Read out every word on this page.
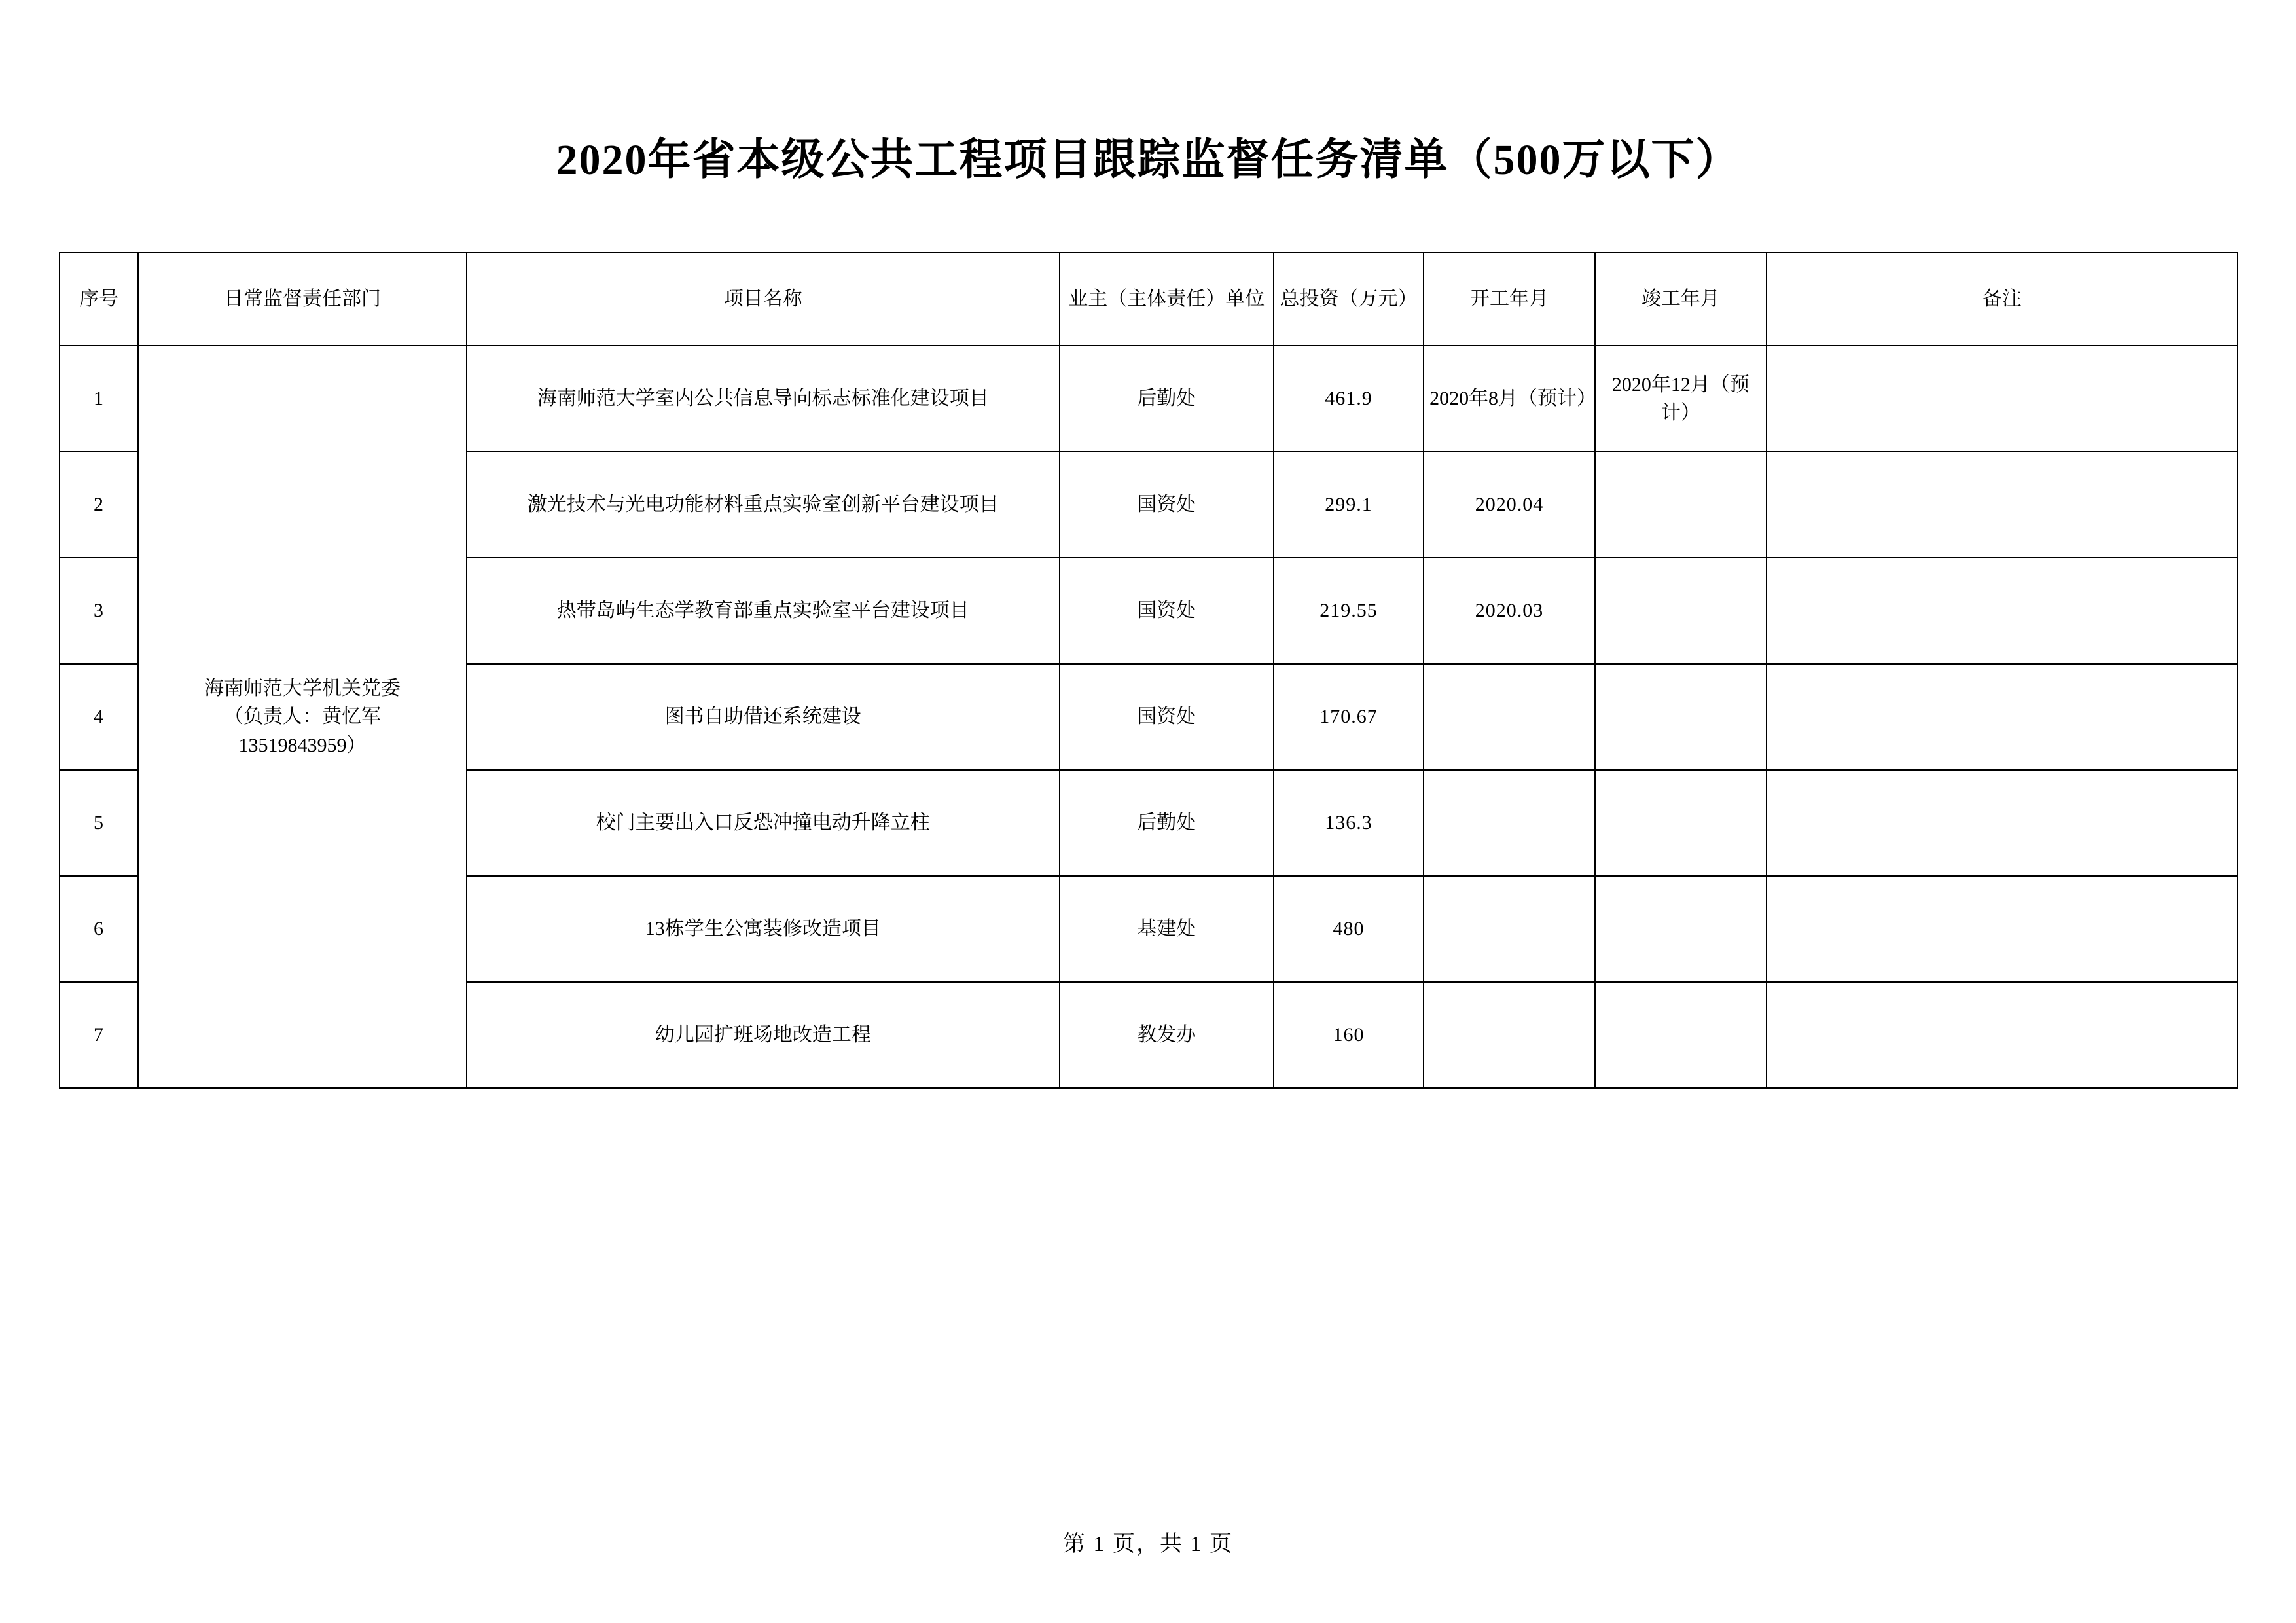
2020年省本级公共工程项目跟踪监督任务清单（500万以下）
序号	日常监督责任部门	项目名称	业主（主体责任）单位	总投资（万元）	开工年月	竣工年月	备注
1	海南师范大学机关党委
（负责人：黄忆军
13519843959）	海南师范大学室内公共信息导向标志标准化建设项目	后勤处	461.9	2020年8月（预计）	2020年12月（预计）	
2		激光技术与光电功能材料重点实验室创新平台建设项目	国资处	299.1	2020.04		
3		热带岛屿生态学教育部重点实验室平台建设项目	国资处	219.55	2020.03		
4		图书自助借还系统建设	国资处	170.67			
5		校门主要出入口反恐冲撞电动升降立柱	后勤处	136.3			
6		13栋学生公寓装修改造项目	基建处	480			
7		幼儿园扩班场地改造工程	教发办	160			
第 1 页，共 1 页
